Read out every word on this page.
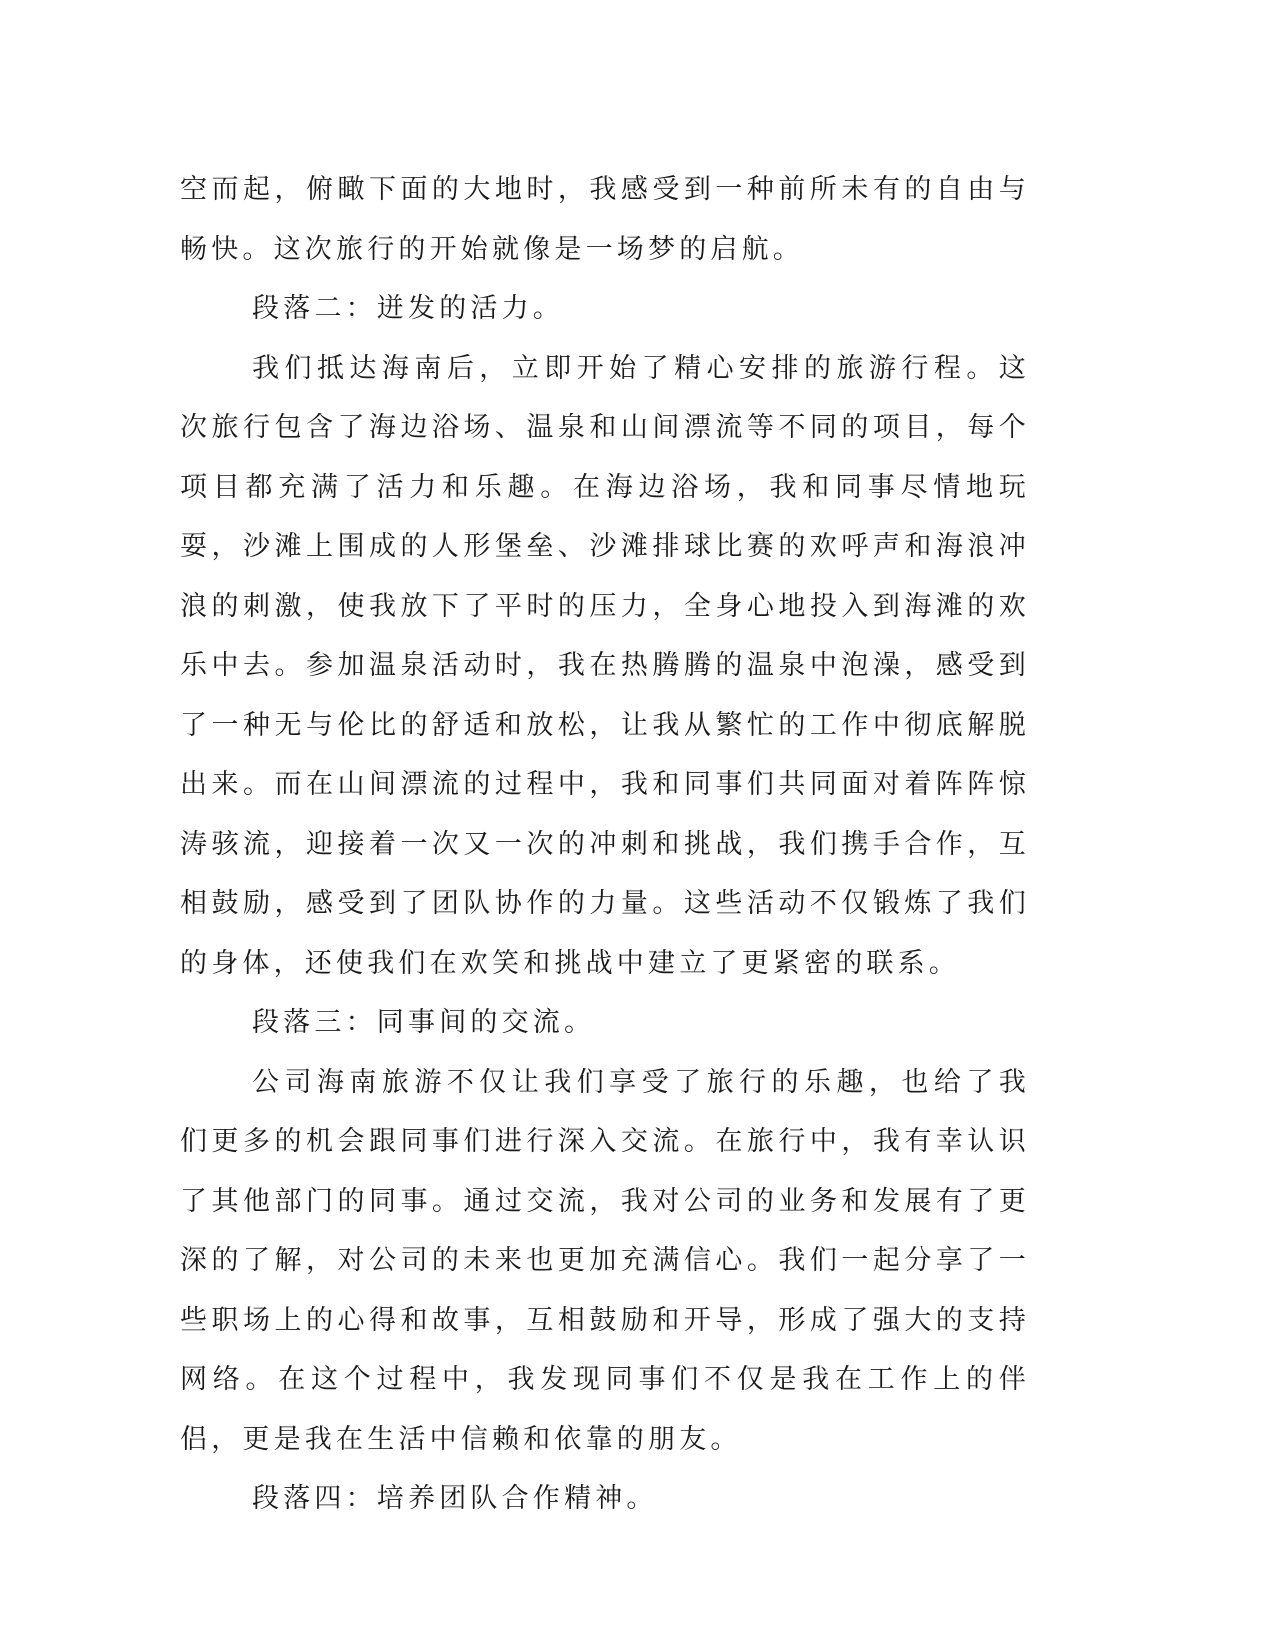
空而起，俯瞰下面的大地时，我感受到一种前所未有的自由与畅快。这次旅行的开始就像是一场梦的启航。

段落二：迸发的活力。

我们抵达海南后，立即开始了精心安排的旅游行程。这次旅行包含了海边浴场、温泉和山间漂流等不同的项目，每个项目都充满了活力和乐趣。在海边浴场，我和同事尽情地玩耍，沙滩上围成的人形堡垒、沙滩排球比赛的欢呼声和海浪冲浪的刺激，使我放下了平时的压力，全身心地投入到海滩的欢乐中去。参加温泉活动时，我在热腾腾的温泉中泡澡，感受到了一种无与伦比的舒适和放松，让我从繁忙的工作中彻底解脱出来。而在山间漂流的过程中，我和同事们共同面对着阵阵惊涛骇流，迎接着一次又一次的冲刺和挑战，我们携手合作，互相鼓励，感受到了团队协作的力量。这些活动不仅锻炼了我们的身体，还使我们在欢笑和挑战中建立了更紧密的联系。

段落三：同事间的交流。

公司海南旅游不仅让我们享受了旅行的乐趣，也给了我们更多的机会跟同事们进行深入交流。在旅行中，我有幸认识了其他部门的同事。通过交流，我对公司的业务和发展有了更深的了解，对公司的未来也更加充满信心。我们一起分享了一些职场上的心得和故事，互相鼓励和开导，形成了强大的支持网络。在这个过程中，我发现同事们不仅是我在工作上的伴侣，更是我在生活中信赖和依靠的朋友。

段落四：培养团队合作精神。
